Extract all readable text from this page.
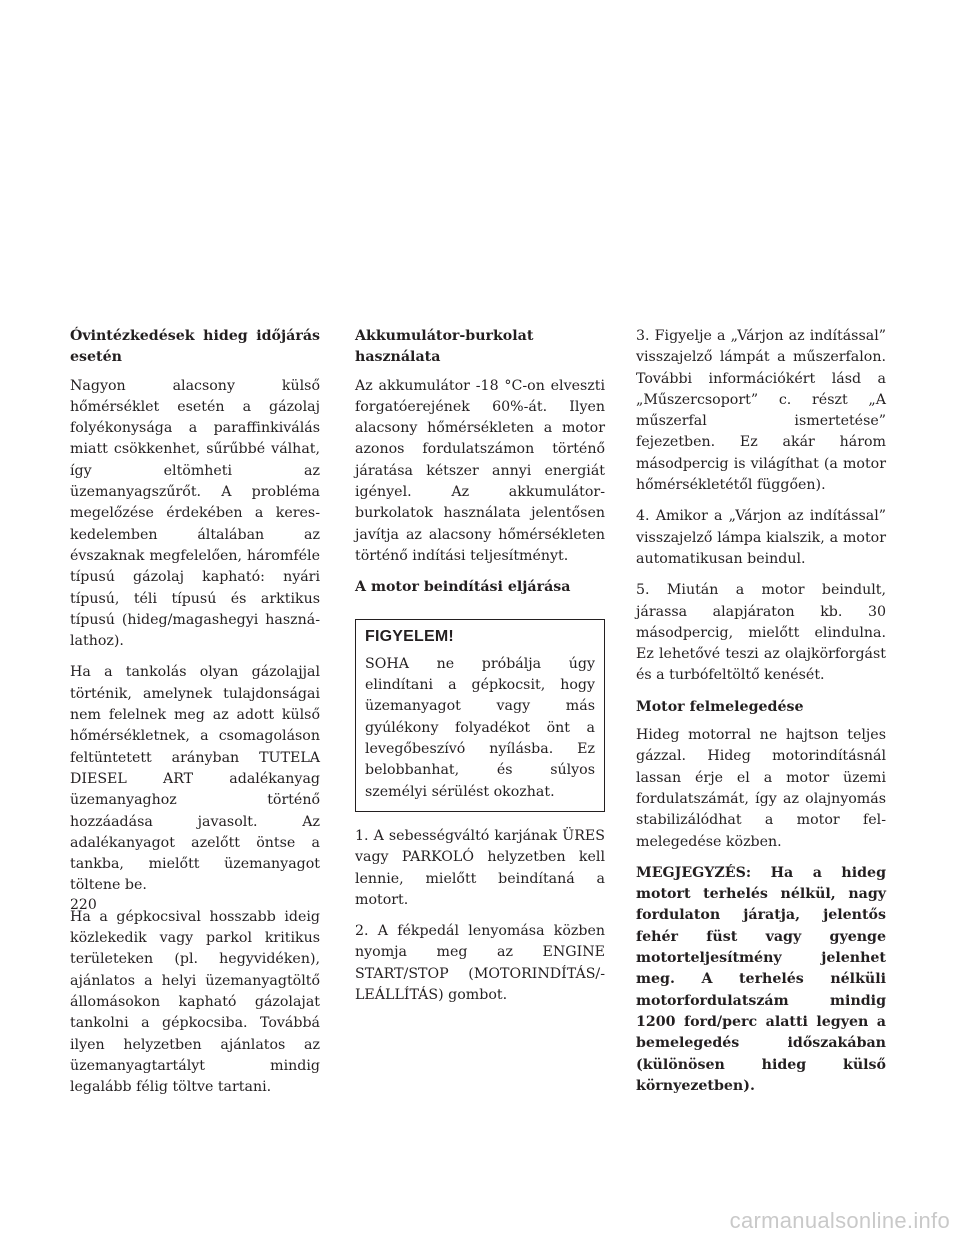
Óvintézkedések hideg időjárás esetén

Nagyon alacsony külső hőmérséklet esetén a gázolaj folyékonysága a paraffinkiválás miatt csökkenhet, sűrűbbé válhat, így eltömheti az üzemanyagszűrőt. A probléma megelőzése érdekében a kereskedelemben általában az évszaknak megfelelően, háromféle típusú gázolaj kapható: nyári típusú, téli típusú és arktikus típusú (hideg/magashegyi használathoz).

Ha a tankolás olyan gázolajjal történik, amelynek tulajdonságai nem felelnek meg az adott külső hőmérsékletnek, a csomagoláson feltüntetett arányban TUTELA DIESEL ART adalékanyag üzemanyaghoz történő hozzáadása javasolt. Az adalékanyagot azelőtt öntse a tankba, mielőtt üzemanyagot töltene be.

Ha a gépkocsival hosszabb ideig közlekedik vagy parkol kritikus területeken (pl. hegyvidéken), ajánlatos a helyi üzemanyagtöltő állomásokon kapható gázolajat tankolni a gépkocsiba. Továbbá ilyen helyzetben ajánlatos az üzemanyagtartályt mindig legalább félig töltve tartani.

Akkumulátor-burkolat használata

Az akkumulátor -18 °C-on elveszti forgatóerejének 60%-át. Ilyen alacsony hőmérsékleten a motor azonos fordulatszámon történő járatása kétszer annyi energiát igényel. Az akkumulátorburkolatok használata jelentősen javítja az alacsony hőmérsékleten történő indítási teljesítményt.

A motor beindítási eljárása
FIGYELEM!

SOHA ne próbálja úgy elindítani a gépkocsit, hogy üzemanyagot vagy más gyúlékony folyadékot önt a levegőbeszívó nyílásba. Ez belobbanhat, és súlyos személyi sérülést okozhat.

1. A sebességváltó karjának ÜRES vagy PARKOLÓ helyzetben kell lennie, mielőtt beindítaná a motort.

2. A fékpedál lenyomása közben nyomja meg az ENGINE START/STOP (MOTORINDÍTÁS/-LEÁLLÍTÁS) gombot.

3. Figyelje a „Várjon az indítással” visszajelző lámpát a műszerfalon. További információkért lásd a „Műszercsoport” c. részt „A műszerfal ismertetése” fejezetben. Ez akár három másodpercig is világíthat (a motor hőmérsékletétől függően).

4. Amikor a „Várjon az indítással” visszajelző lámpa kialszik, a motor automatikusan beindul.

5. Miután a motor beindult, járassa alapjáraton kb. 30 másodpercig, mielőtt elindulna. Ez lehetővé teszi az olajkörforgást és a turbófeltöltő kenését.

Motor felmelegedése

Hideg motorral ne hajtson teljes gázzal. Hideg motorindításnál lassan érje el a motor üzemi fordulatszámát, így az olajnyomás stabilizálódhat a motor felmelegedése közben.

MEGJEGYZÉS: Ha a hideg motort terhelés nélkül, nagy fordulaton járatja, jelentős fehér füst vagy gyenge motorteljesítmény jelenhet meg. A terhelés nélküli motorfordulatszám mindig 1200 ford/perc alatti legyen a bemelegedés időszakában (különösen hideg külső környezetben).

220
carmanualsonline.info
